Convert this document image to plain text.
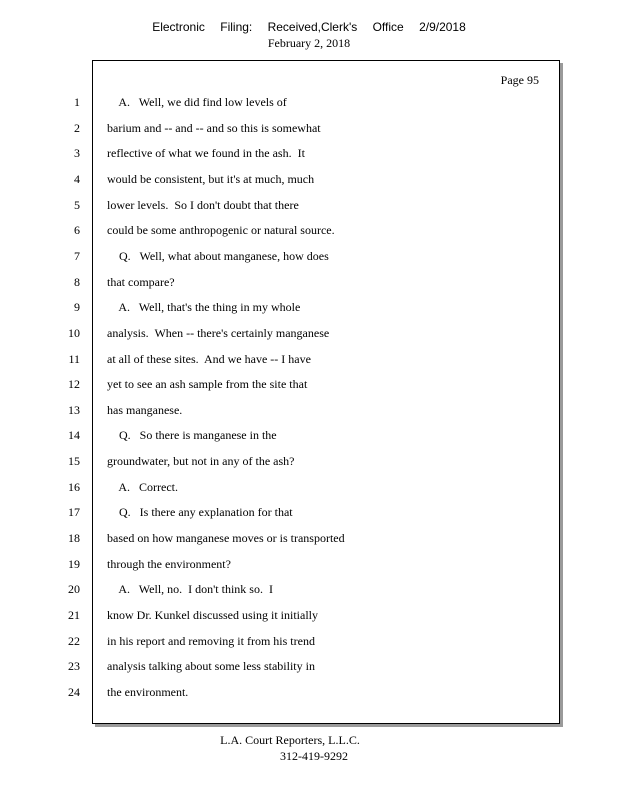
Electronic Filing: Received,Clerk's Office 2/9/2018
February 2, 2018
Page 95
1 A.   Well, we did find low levels of
2 barium and -- and -- and so this is somewhat
3 reflective of what we found in the ash.  It
4 would be consistent, but it's at much, much
5 lower levels.  So I don't doubt that there
6 could be some anthropogenic or natural source.
7 Q.   Well, what about manganese, how does
8 that compare?
9 A.   Well, that's the thing in my whole
10 analysis.  When -- there's certainly manganese
11 at all of these sites.  And we have -- I have
12 yet to see an ash sample from the site that
13 has manganese.
14 Q.   So there is manganese in the
15 groundwater, but not in any of the ash?
16 A.   Correct.
17 Q.   Is there any explanation for that
18 based on how manganese moves or is transported
19 through the environment?
20 A.   Well, no.  I don't think so.  I
21 know Dr. Kunkel discussed using it initially
22 in his report and removing it from his trend
23 analysis talking about some less stability in
24 the environment.
L.A. Court Reporters, L.L.C.
312-419-9292
